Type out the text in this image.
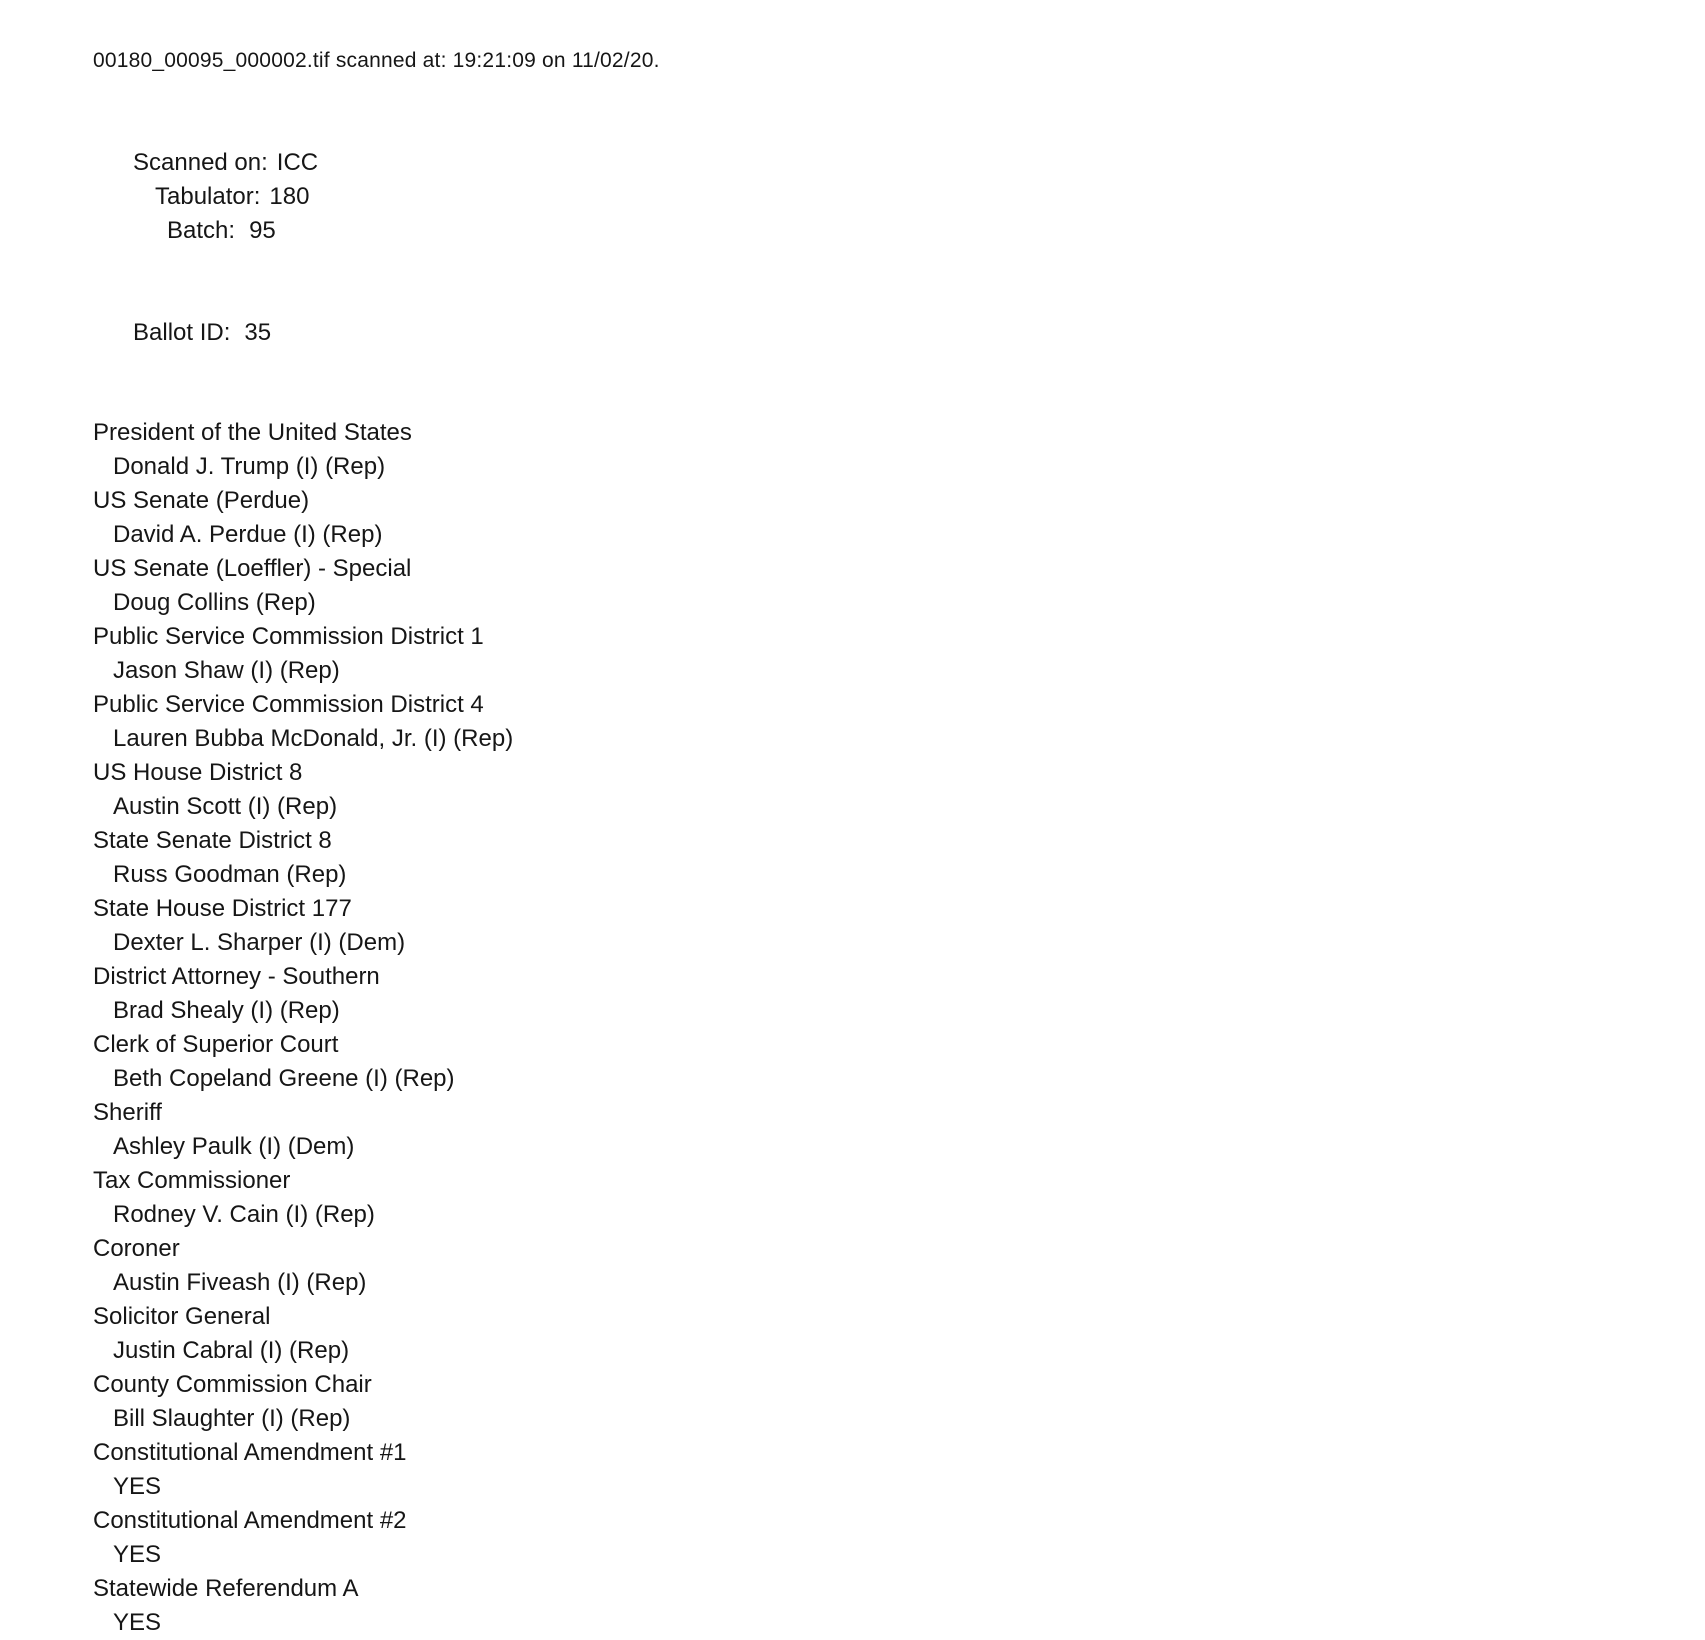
00180_00095_000002.tif scanned at: 19:21:09 on 11/02/20.

Scanned on: ICC
Tabulator: 180
Batch: 95

Ballot ID: 35

President of the United States
Donald J. Trump (I) (Rep)
US Senate (Perdue)
David A. Perdue (I) (Rep)
US Senate (Loeffler) - Special
Doug Collins (Rep)
Public Service Commission District 1
Jason Shaw (I) (Rep)
Public Service Commission District 4
Lauren Bubba McDonald, Jr. (I) (Rep)
US House District 8
Austin Scott (I) (Rep)
State Senate District 8
Russ Goodman (Rep)
State House District 177
Dexter L. Sharper (I) (Dem)
District Attorney - Southern
Brad Shealy (I) (Rep)
Clerk of Superior Court
Beth Copeland Greene (I) (Rep)
Sheriff
Ashley Paulk (I) (Dem)
Tax Commissioner
Rodney V. Cain (I) (Rep)
Coroner
Austin Fiveash (I) (Rep)
Solicitor General
Justin Cabral (I) (Rep)
County Commission Chair
Bill Slaughter (I) (Rep)
Constitutional Amendment #1
YES
Constitutional Amendment #2
YES
Statewide Referendum A
YES
